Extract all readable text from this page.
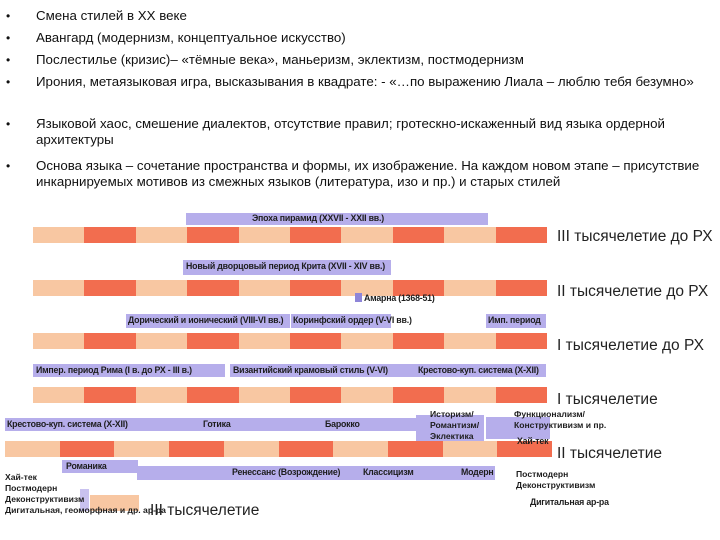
• Смена стилей в XX веке
• Авангард (модернизм, концептуальное искусство)
• Послестилье (кризис)– «тёмные века», маньеризм, эклектизм, постмодернизм
• Ирония, метаязыковая игра, высказывания в квадрате: - «…по выражению Лиала – люблю тебя безумно»
• Языковой хаос, смешение диалектов, отсутствие правил; гротескно-искаженный вид языка ордерной архитектуры
• Основа языка – сочетание пространства и формы, их изображение. На каждом новом этапе – присутствие инкарнируемых мотивов из смежных языков (литература, изо и пр.) и старых стилей
Эпоха пирамид (XXVII - XXII вв.)
III тысячелетие до РХ
Новый дворцовый период Крита (XVII - XIV вв.)
Амарна (1368-51)	II тысячелетие до РХ
Дорический и ионический (VIII-VI вв.) Коринфский ордер (V-VI вв.)	Имп. период
I тысячелетие до РХ
Импер. период Рима (I в. до РХ - III в.)	Византийский крамовый стиль (V-VI)	Крестово-куп. система (X-XII)
I тысячелетие
Крестово-куп. система (X-XII)	Готика	Барокко
Историзм/
Романтизм/
Эклектика
Функционализм/
Конструктивизм и пр.
Хай-тек
Романика
Ренессанс (Возрождение)	Классицизм	Модерн	Постмодерн
Деконструктивизм
Дигитальная ар-ра
II тысячелетие
Хай-тек
Постмодерн
Деконструктивизм
Дигитальная, геоморфная и др. ар-ра
III тысячелетие
